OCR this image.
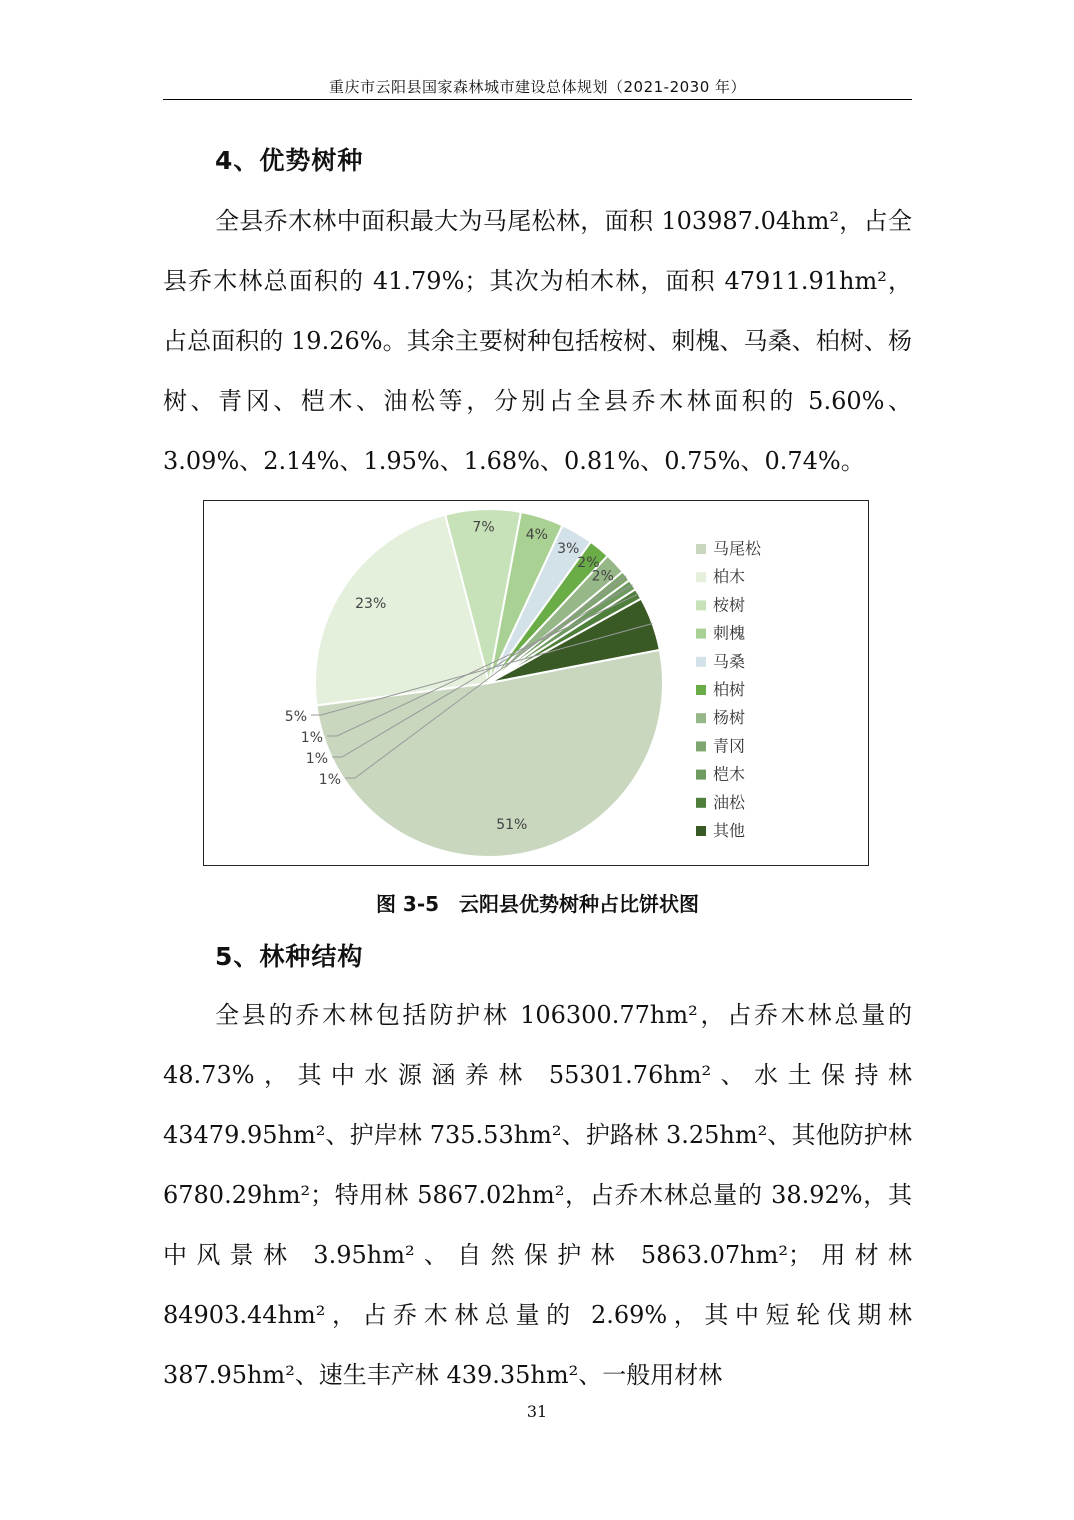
重庆市云阳县国家森林城市建设总体规划（2021-2030 年）
4、优势树种

全县乔木林中面积最大为马尾松林，面积 103987.04hm²，占全县乔木林总面积的 41.79%；其次为柏木林，面积 47911.91hm²，占总面积的 19.26%。其余主要树种包括桉树、刺槐、马桑、柏树、杨树、青冈、桤木、油松等，分别占全县乔木林面积的 5.60%、3.09%、2.14%、1.95%、1.68%、0.81%、0.75%、0.74%。

51%
23%
7% 4%
3%
2%
2%
1%
1%
1%
5%
马尾松
柏木
桉树
刺槐
马桑
柏树
杨树
青冈
桤木
油松
其他
图 3-5　云阳县优势树种占比饼状图
5、林种结构

全县的乔木林包括防护林 106300.77hm²，占乔木林总量的 48.73%，其中水源涵养林 55301.76hm²、水土保持林 43479.95hm²、护岸林 735.53hm²、护路林 3.25hm²、其他防护林 6780.29hm²；特用林 5867.02hm²，占乔木林总量的 38.92%，其中风景林 3.95hm²、自然保护林 5863.07hm²；用材林 84903.44hm²，占乔木林总量的 2.69%，其中短轮伐期林 387.95hm²、速生丰产林 439.35hm²、一般用材林

31
